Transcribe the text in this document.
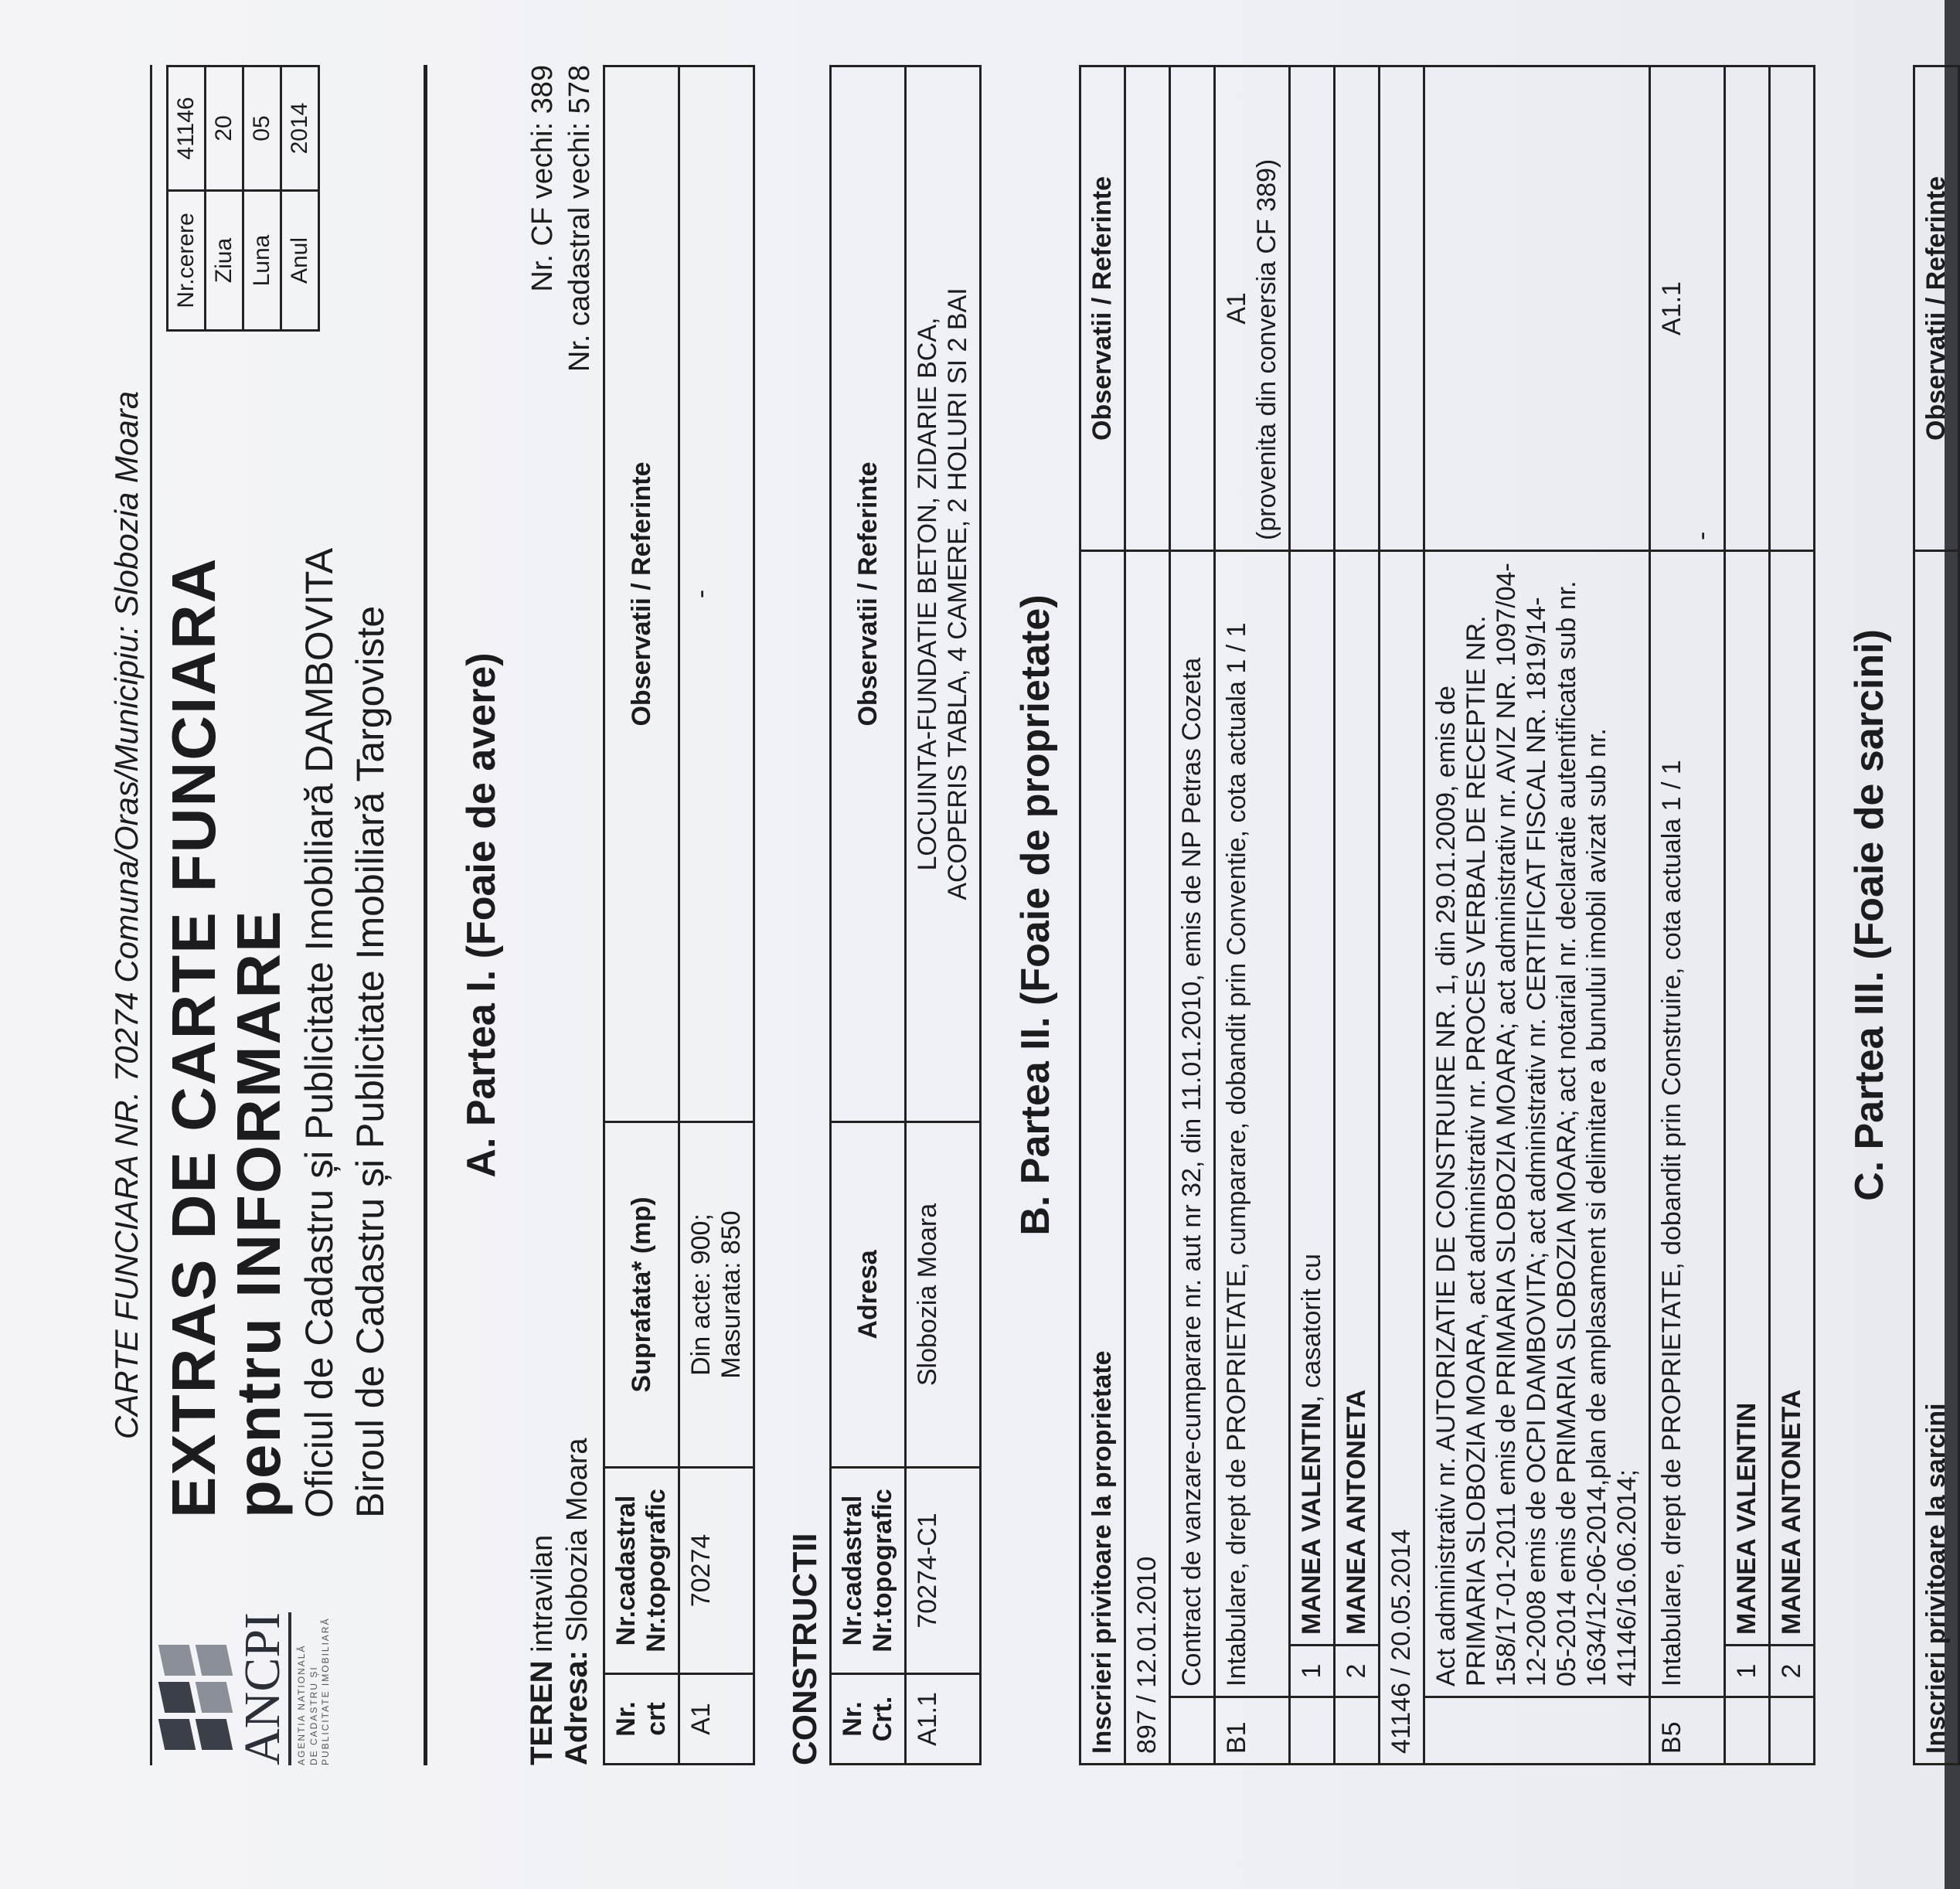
CARTE FUNCIARA NR. 70274 Comuna/Oras/Municipiu: Slobozia Moara
ANCPI AGENTIA NATIONALĂ DE CADASTRU ȘI PUBLICITATE IMOBILIARĂ
EXTRAS DE CARTE FUNCIARA
pentru INFORMARE Oficiul de Cadastru și Publicitate Imobiliară DAMBOVITA Biroul de Cadastru și Publicitate Imobiliară Targoviste
Nr.cerere	41146
Ziua	20
Luna	05
Anul	2014
A. Partea I. (Foaie de avere)
TEREN intravilan
Adresa: Slobozia Moara
Nr. CF vechi: 389 Nr. cadastral vechi: 578
Nr. crt	Nr.cadastral Nr.topografic	Suprafata* (mp)	Observatii / Referinte
A1	70274	Din acte: 900; Masurata: 850	-
CONSTRUCTII Nr. Crt.	Nr.cadastral Nr.topografic	Adresa	Observatii / Referinte
A1.1	70274-C1	Slobozia Moara	LOCUINTA-FUNDATIE BETON, ZIDARIE BCA, ACOPERIS TABLA, 4 CAMERE, 2 HOLURI SI 2 BAI
B. Partea II. (Foaie de proprietate)
Inscrieri privitoare la proprietate			Observatii / Referinte
897 / 12.01.2010			
	Contract de vanzare-cumparare nr. aut nr 32, din 11.01.2010, emis de NP Petras Cozeta		
B1	Intabulare, drept de PROPRIETATE, cumparare, dobandit prin Conventie, cota actuala 1 / 1		A1 (provenita din conversia CF 389)

	1	MANEA VALENTIN, casatorit cu	
	2	MANEA ANTONETA	
41146 / 20.05.2014			
	Act administrativ nr. AUTORIZATIE DE CONSTRUIRE NR. 1, din 29.01.2009, emis de PRIMARIA SLOBOZIA MOARA, act administrativ nr. PROCES VERBAL DE RECEPTIE NR. 158/17-01-2011 emis de PRIMARIA SLOBOZIA MOARA; act administrativ nr. AVIZ NR. 1097/04-12-2008 emis de OCPI DAMBOVITA; act administrativ nr. CERTIFICAT FISCAL NR. 1819/14-05-2014 emis de PRIMARIA SLOBOZIA MOARA; act notarial nr. declaratie autentificata sub nr. 1634/12-06-2014,plan de amplasament si delimitare a bunului imobil avizat sub nr. 41146/16.06.2014;		
B5	Intabulare, drept de PROPRIETATE, dobandit prin Construire, cota actuala 1 / 1		A1.1
-

	1	MANEA VALENTIN	
	2	MANEA ANTONETA	
C. Partea III. (Foaie de sarcini)
Inscrieri privitoare la sarcini	Observatii / Referinte
